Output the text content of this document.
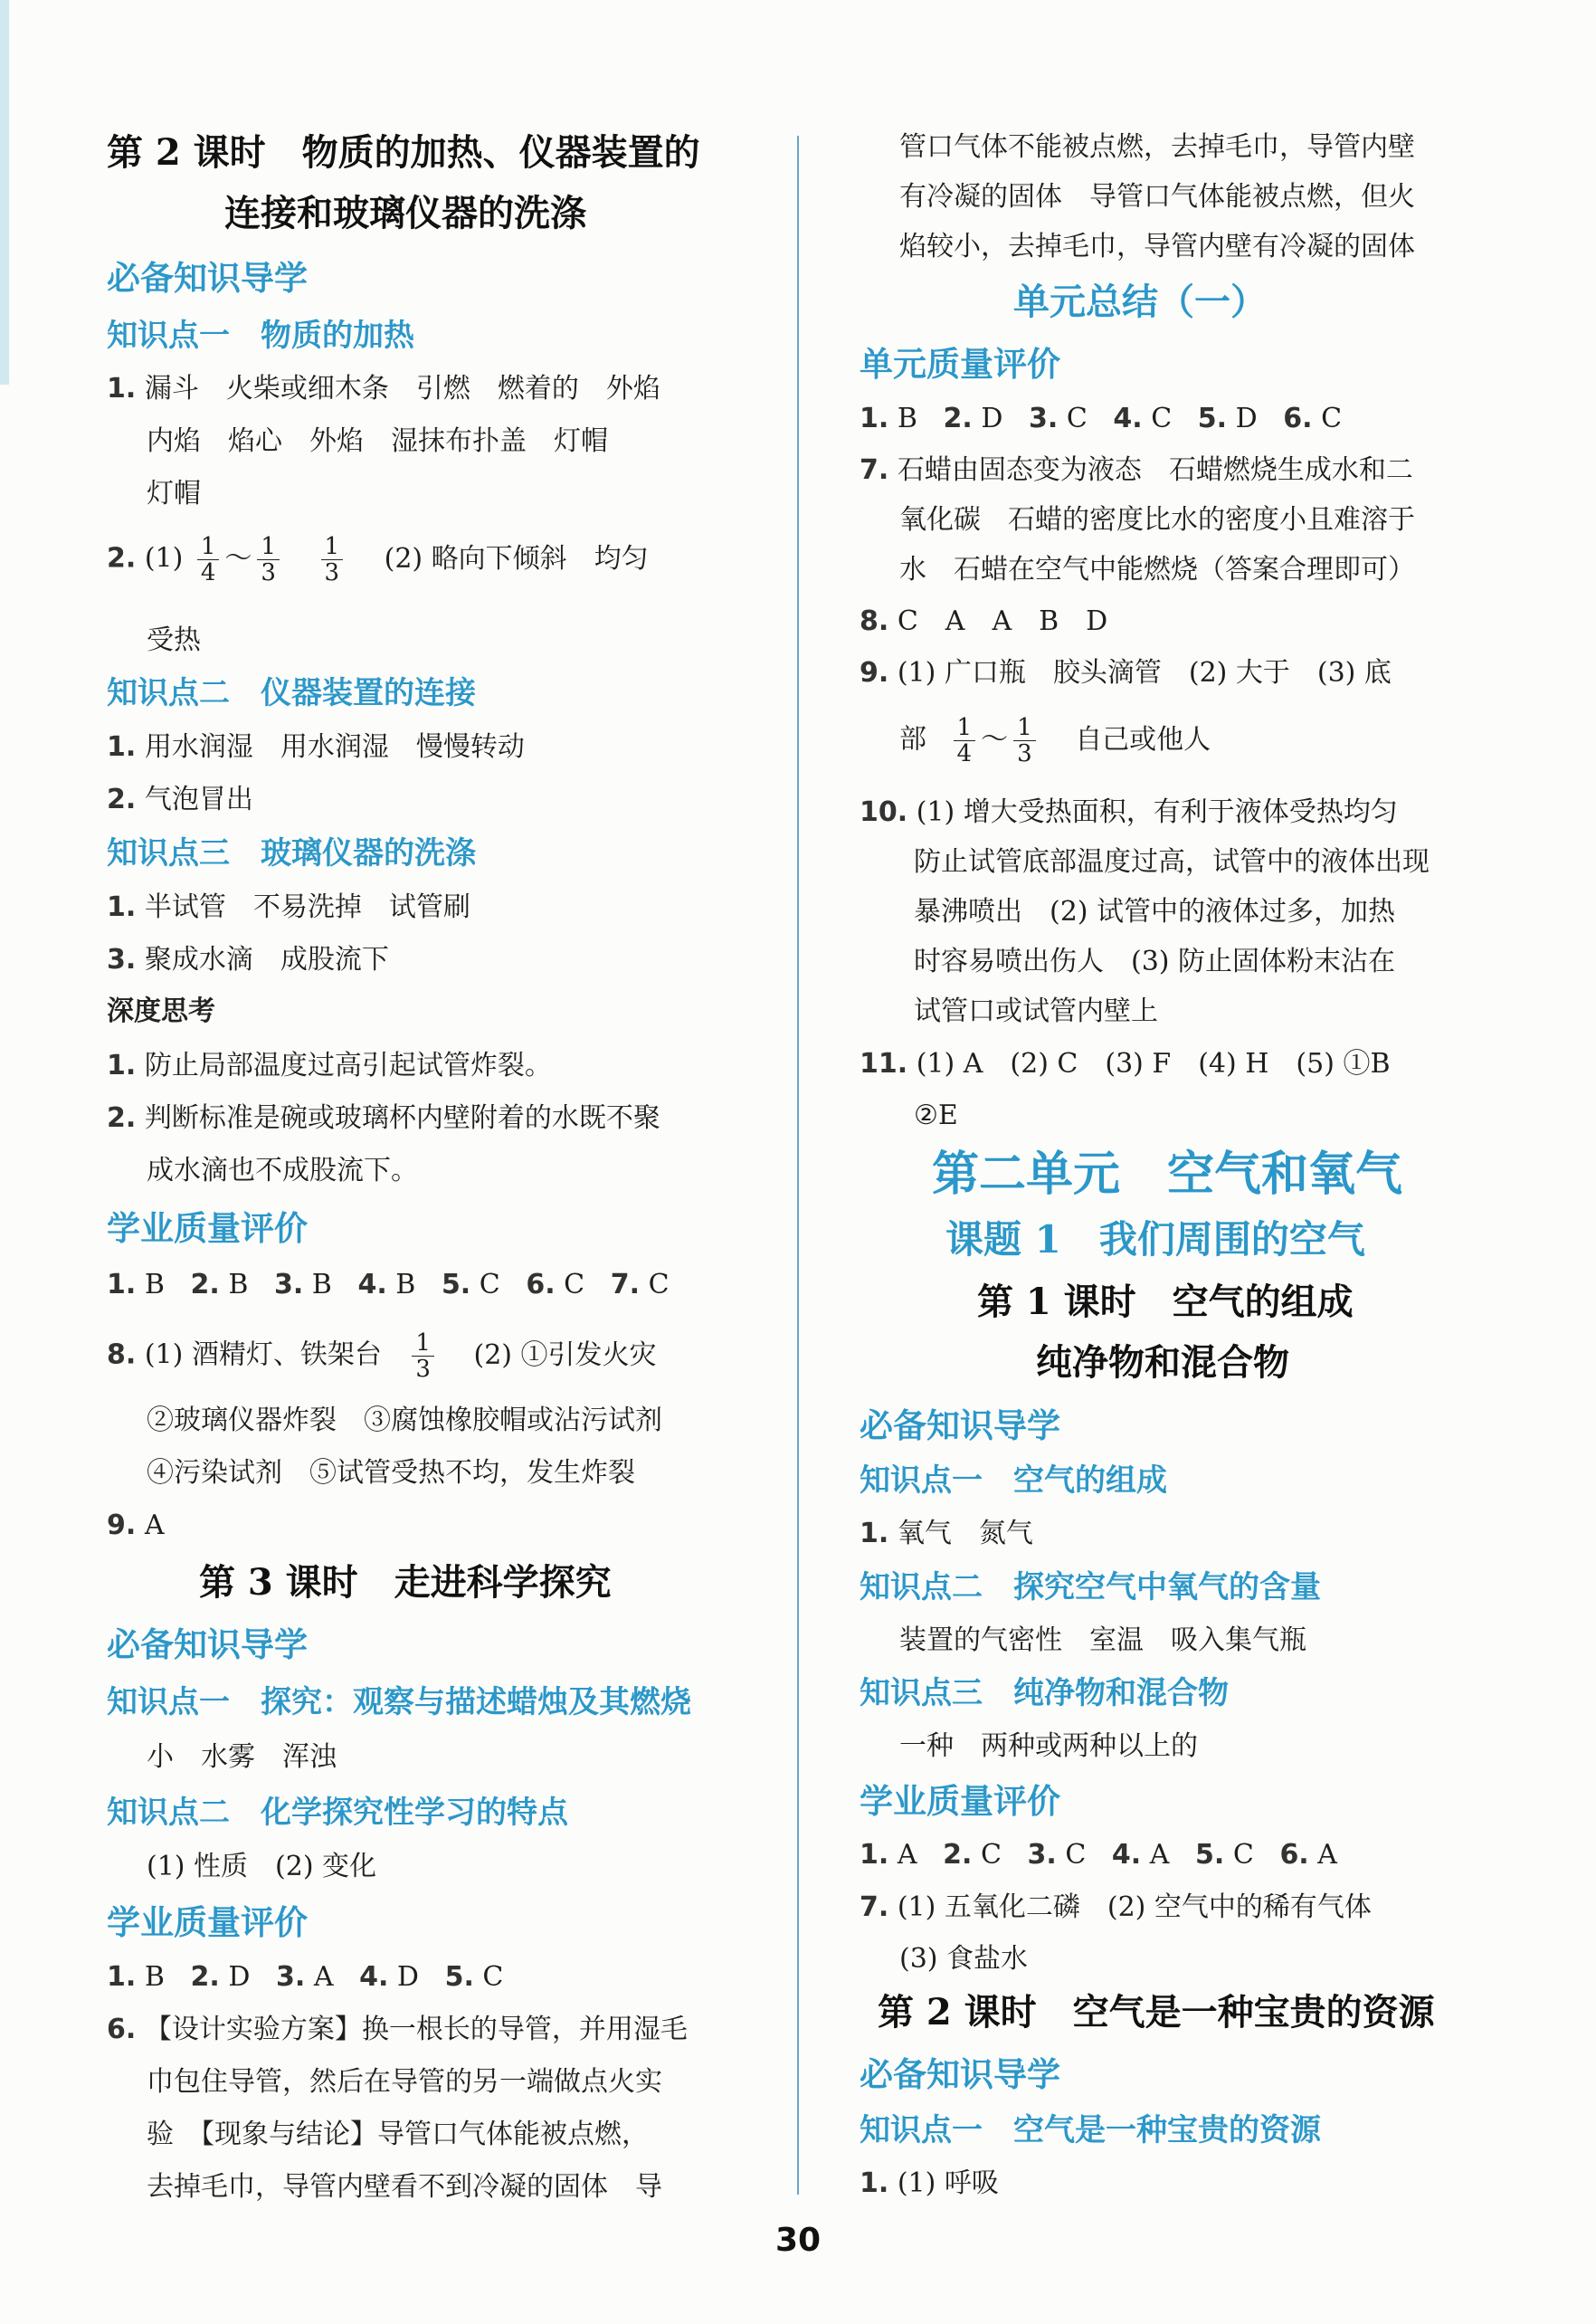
第 2 课时　物质的加热、仪器装置的
连接和玻璃仪器的洗涤
必备知识导学
知识点一　物质的加热
1. 漏斗　火柴或细木条　引燃　燃着的　外焰
内焰　焰心　外焰　湿抹布扑盖　灯帽
灯帽
2. $(1) \frac{1}{4}$ ～ $\frac{1}{3}$
$\frac{1}{3} (2)$ 略向下倾斜　均匀
受热
知识点二　仪器装置的连接
1. 用水润湿　用水润湿　慢慢转动
2. 气泡冒出
知识点三　玻璃仪器的洗涤
1. 半试管　不易洗掉　试管刷
3. 聚成水滴　成股流下
深度思考
1. 防止局部温度过高引起试管炸裂。
2. 判断标准是碗或玻璃杯内壁附着的水既不聚
成水滴也不成股流下。
学业质量评价
1. B 2. B 3. B 4. B 5. C 6. C 7. C
8. (1) 酒精灯、铁架台 $\frac{1}{3} (2)$ ①引发火灾
②玻璃仪器炸裂　③腐蚀橡胶帽或沾污试剂
④污染试剂　⑤试管受热不均，发生炸裂
9. A
第 3 课时　走进科学探究
必备知识导学
知识点一　探究：观察与描述蜡烛及其燃烧
小　水雾　浑浊
知识点二　化学探究性学习的特点
(1) 性质　(2) 变化
学业质量评价
1. B 2. D 3. A 4. D 5. C
6. 【设计实验方案】换一根长的导管，并用湿毛
巾包住导管，然后在导管的另一端做点火实
验　【现象与结论】导管口气体能被点燃，
去掉毛巾，导管内壁看不到冷凝的固体　导
管口气体不能被点燃，去掉毛巾，导管内壁
有冷凝的固体　导管口气体能被点燃，但火
焰较小，去掉毛巾，导管内壁有冷凝的固体
单元总结（一）
单元质量评价
1. B 2. D 3. C 4. C 5. D 6. C
7. 石蜡由固态变为液态　石蜡燃烧生成水和二
氧化碳　石蜡的密度比水的密度小且难溶于
水　石蜡在空气中能燃烧（答案合理即可）
8. C　A　A　B　D
9. (1) 广口瓶　胶头滴管　(2) 大于　(3) 底
部 $\frac{1}{4}$ ～ $\frac{1}{3}$ 自己或他人
10. (1) 增大受热面积，有利于液体受热均匀
防止试管底部温度过高，试管中的液体出现
暴沸喷出　(2) 试管中的液体过多，加热
时容易喷出伤人　(3) 防止固体粉末沾在
试管口或试管内壁上
11. (1) A　(2) C　(3) F　(4) H　(5) ①B
②E
第二单元　空气和氧气
课题 1　我们周围的空气
第 1 课时　空气的组成
纯净物和混合物
必备知识导学
知识点一　空气的组成
1. 氧气　氮气
知识点二　探究空气中氧气的含量
装置的气密性　室温　吸入集气瓶
知识点三　纯净物和混合物
一种　两种或两种以上的
学业质量评价
1. A 2. C 3. C 4. A 5. C 6. A
7. (1) 五氧化二磷　(2) 空气中的稀有气体
(3) 食盐水
第 2 课时　空气是一种宝贵的资源
必备知识导学
知识点一　空气是一种宝贵的资源
1. (1) 呼吸
30
